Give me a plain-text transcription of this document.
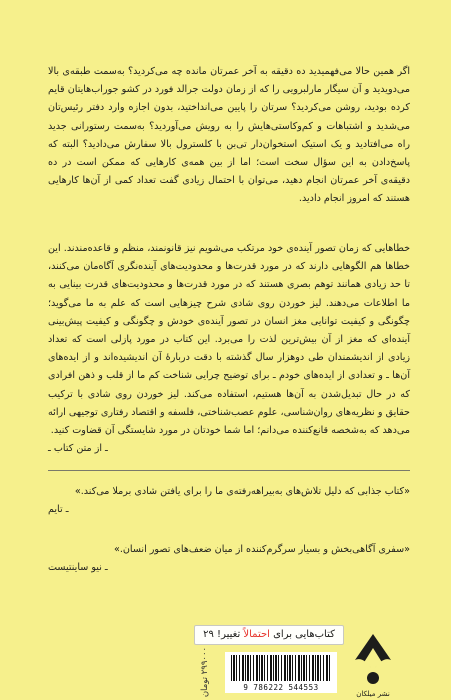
اگر همین حالا می‌فهمیدید ده دقیقه به آخر عمرتان مانده چه می‌کردید؟ به‌سمت طبقه‌ی بالا می‌دویدید و آن سیگار مارلبرویی را که از زمان دولت جرالد فورد در کشو جوراب‌هایتان قایم کرده بودید، روشن می‌کردید؟ سرتان را پایین می‌انداختید، بدون اجازه وارد دفتر رئیس‌تان می‌شدید و اشتباهات و کم‌وکاستی‌هایش را به رویش می‌آوردید؟ به‌سمت رستورانی جدید راه می‌افتادید و یک استیک استخوان‌دار تی‌بن با کلسترول بالا سفارش می‌دادید؟ البته که پاسخ‌دادن به این سؤال سخت است؛ اما از بین همه‌ی کارهایی که ممکن است در ده دقیقه‌ی آخر عمرتان انجام دهید، می‌توان با احتمال زیادی گفت تعداد کمی از آن‌ها کارهایی هستند که امروز انجام دادید.
خطاهایی که زمان تصور آینده‌ی خود مرتکب می‌شویم نیز قانونمند، منظم و قاعده‌مندند. این خطاها هم الگوهایی دارند که در مورد قدرت‌ها و محدودیت‌های آینده‌نگری آگاه‌مان می‌کنند، تا حد زیادی همانند توهم بصری هستند که در مورد قدرت‌ها و محدودیت‌های قدرت بینایی به ما اطلاعات می‌دهند. لیز خوردن روی شادی شرح چیزهایی است که علم به ما می‌گوید؛ چگونگی و کیفیت توانایی مغز انسان در تصور آینده‌ی خودش و چگونگی و کیفیت پیش‌بینی آینده‌ای که مغز از آن بیش‌ترین لذت را می‌برد. این کتاب در مورد پازلی است که تعداد زیادی از اندیشمندان طی دوهزار سال گذشته با دقت دربارهٔ آن اندیشیده‌اند و از ایده‌های آن‌ها ـ و تعدادی از ایده‌های خودم ـ برای توضیح چرایی شناخت کم ما از قلب و ذهن افرادی که در حال تبدیل‌شدن به آن‌ها هستیم، استفاده می‌کند. لیز خوردن روی شادی با ترکیب حقایق و نظریه‌های روان‌شناسی، علوم عصب‌شناختی، فلسفه و اقتصاد رفتاری توجیهی ارائه می‌دهد که به‌شخصه قانع‌کننده می‌دانم؛ اما شما خودتان در مورد شایستگی آن قضاوت کنید.
ـ از متن کتاب ـ
«کتاب جذابی که دلیل تلاش‌های به‌بیراهه‌رفته‌ی ما را برای یافتن شادی برملا می‌کند.»
ـ تایم
«سفری آگاهی‌بخش و بسیار سرگرم‌کننده از میان ضعف‌های تصور انسان.»
ـ نیو ساینتیست
کتاب‌هایی برای احتمالاً تغییر! ۲۹
۲۹۹۰۰۰ تومان
9 786222 544553
نشر میلکان
